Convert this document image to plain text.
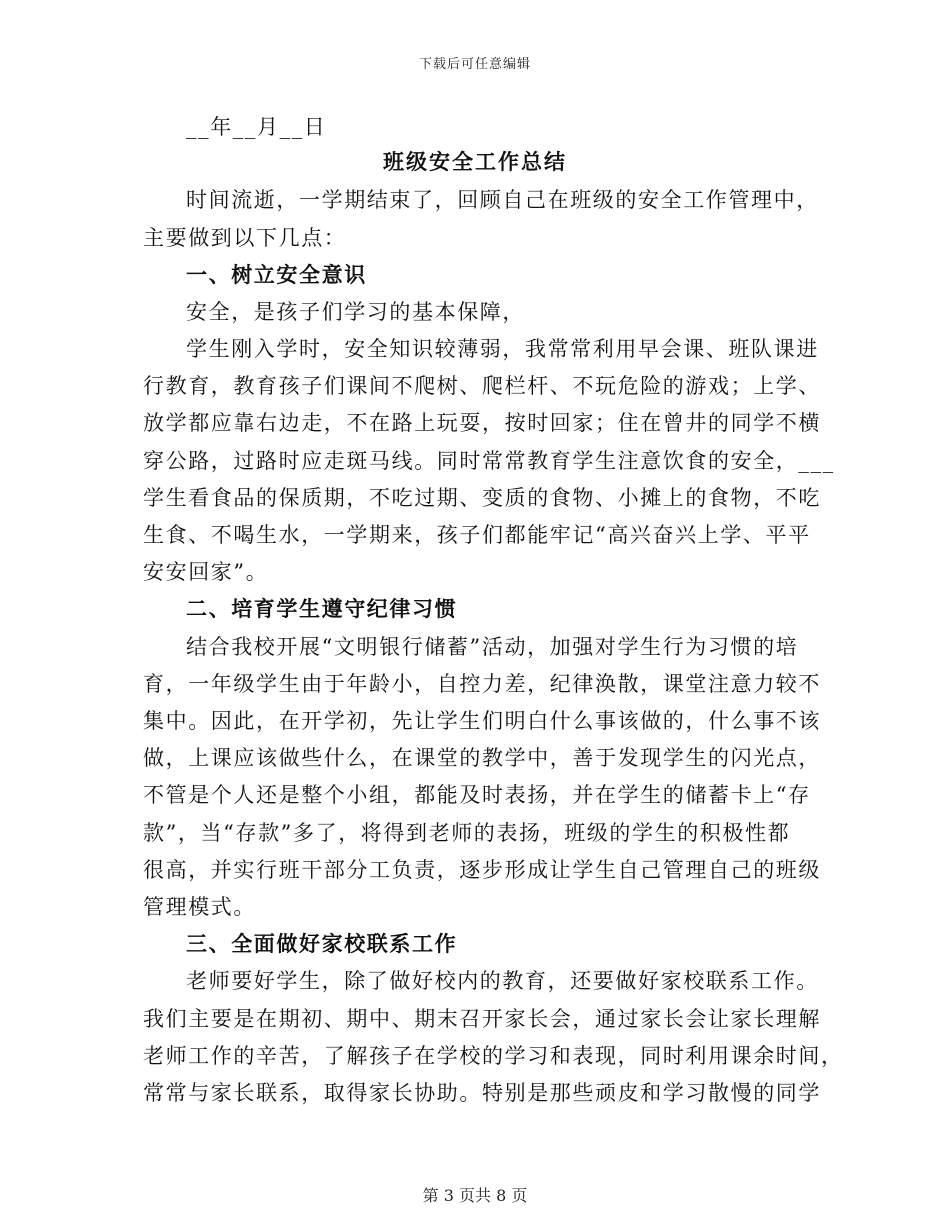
下载后可任意编辑
__年__月__日
班级安全工作总结
时间流逝，一学期结束了，回顾自己在班级的安全工作管理中，
主要做到以下几点：
一、树立安全意识
安全，是孩子们学习的基本保障，
学生刚入学时，安全知识较薄弱，我常常利用早会课、班队课进
行教育，教育孩子们课间不爬树、爬栏杆、不玩危险的游戏；上学、
放学都应靠右边走，不在路上玩耍，按时回家；住在曾井的同学不横
穿公路，过路时应走斑马线。同时常常教育学生注意饮食的安全，___
学生看食品的保质期，不吃过期、变质的食物、小摊上的食物，不吃
生食、不喝生水，一学期来，孩子们都能牢记“高兴奋兴上学、平平
安安回家”。
二、培育学生遵守纪律习惯
结合我校开展“文明银行储蓄”活动，加强对学生行为习惯的培
育，一年级学生由于年龄小，自控力差，纪律涣散，课堂注意力较不
集中。因此，在开学初，先让学生们明白什么事该做的，什么事不该
做，上课应该做些什么，在课堂的教学中，善于发现学生的闪光点，
不管是个人还是整个小组，都能及时表扬，并在学生的储蓄卡上“存
款”，当“存款”多了，将得到老师的表扬，班级的学生的积极性都
很高，并实行班干部分工负责，逐步形成让学生自己管理自己的班级
管理模式。
三、全面做好家校联系工作
老师要好学生，除了做好校内的教育，还要做好家校联系工作。
我们主要是在期初、期中、期末召开家长会，通过家长会让家长理解
老师工作的辛苦，了解孩子在学校的学习和表现，同时利用课余时间，
常常与家长联系，取得家长协助。特别是那些顽皮和学习散慢的同学
第 3 页共 8 页
